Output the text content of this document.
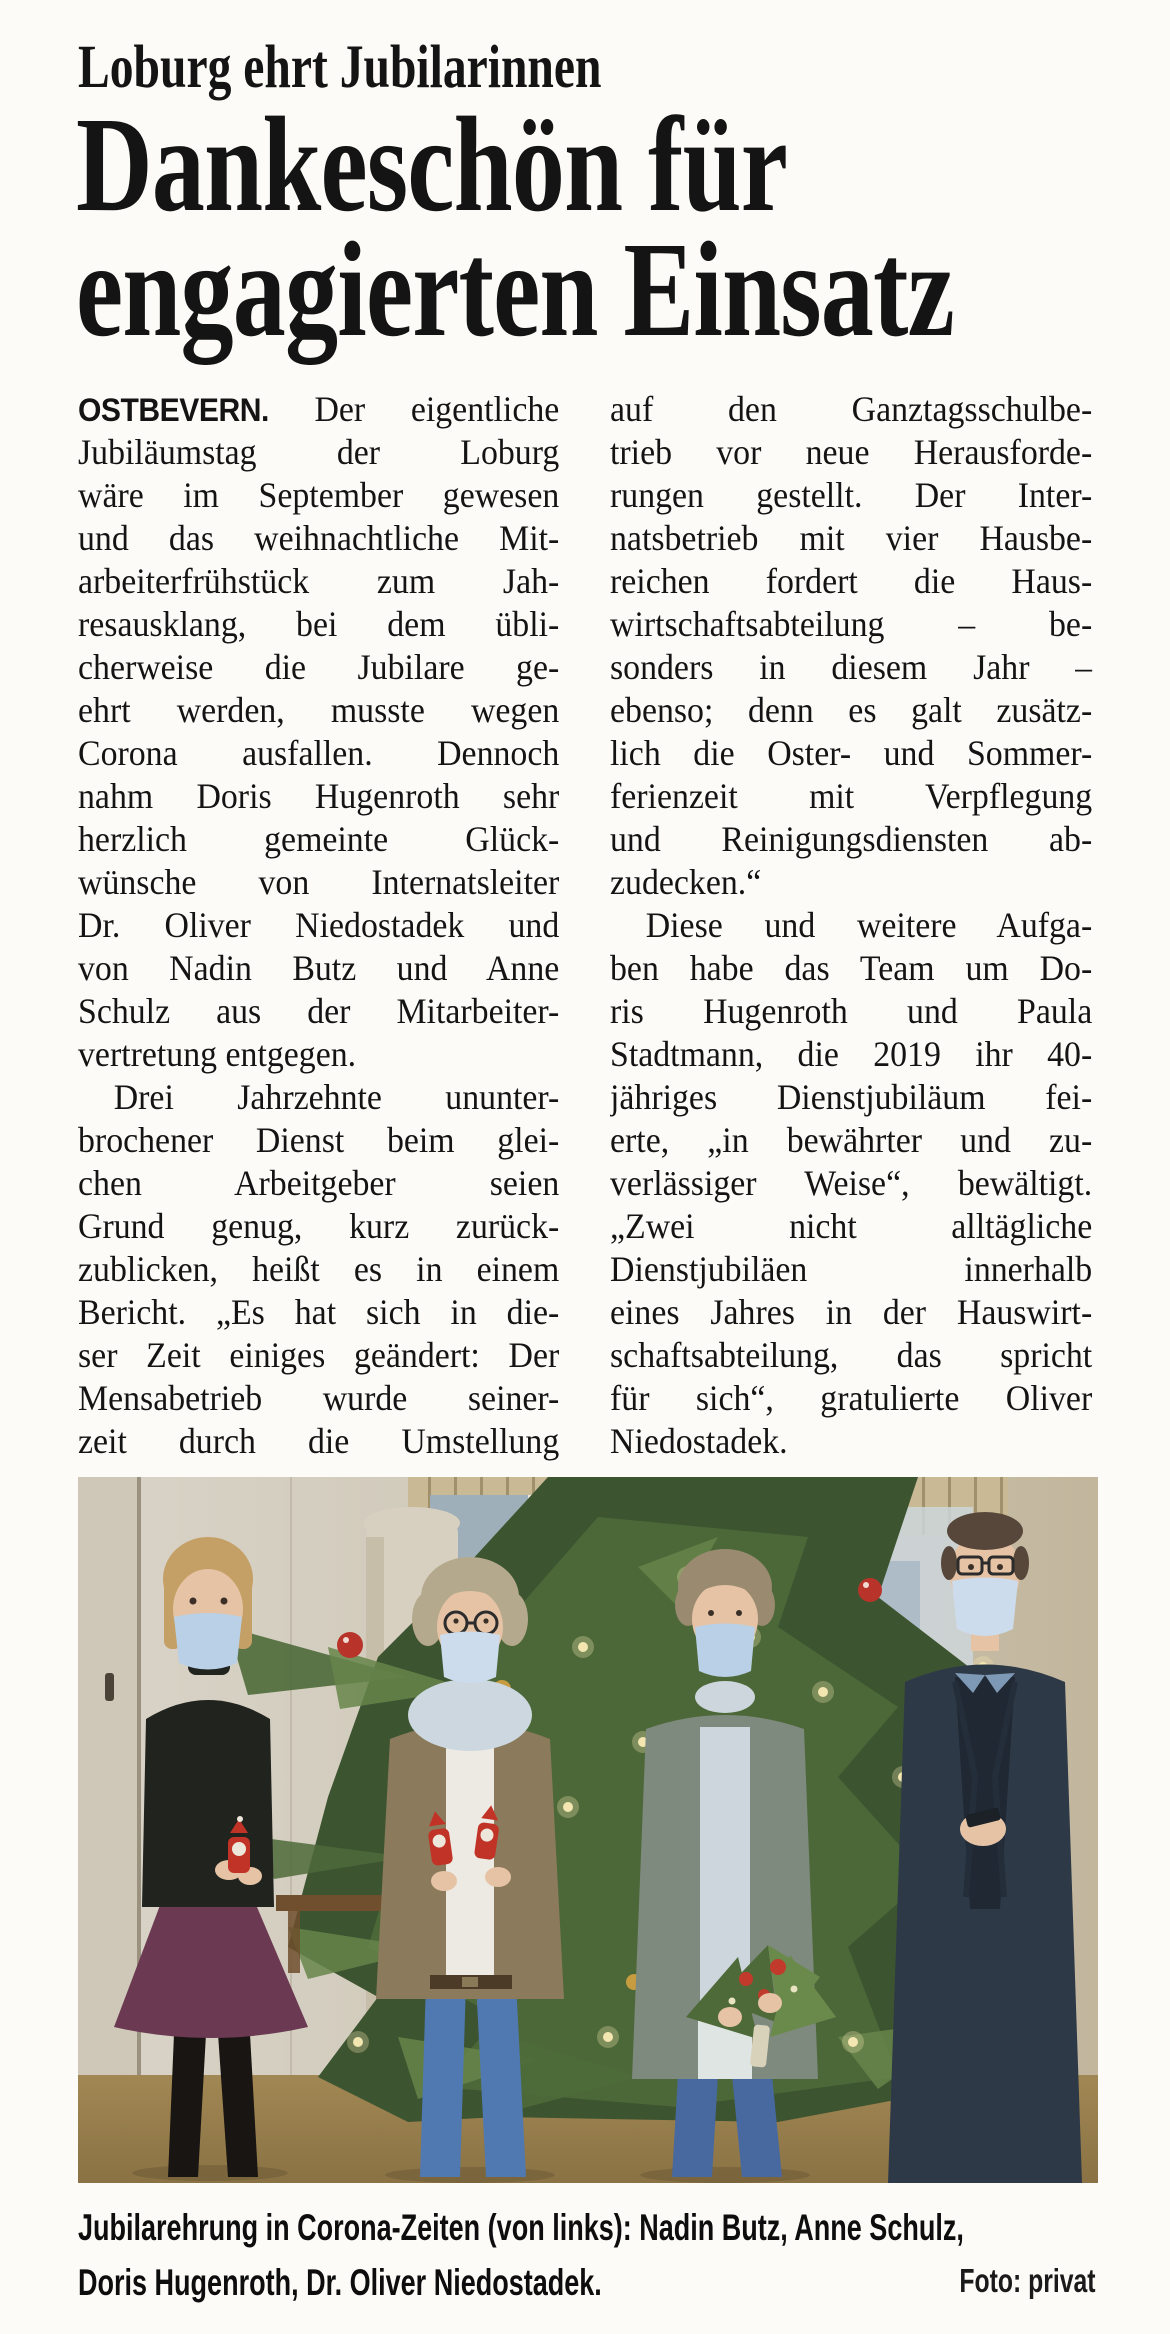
Loburg ehrt Jubilarinnen
Dankeschön für
engagierten Einsatz
OSTBEVERN. Der eigentliche
Jubiläumstag der Loburg
wäre im September gewesen
und das weihnachtliche Mit-
arbeiterfrühstück zum Jah-
resausklang, bei dem übli-
cherweise die Jubilare ge-
ehrt werden, musste wegen
Corona ausfallen. Dennoch
nahm Doris Hugenroth sehr
herzlich gemeinte Glück-
wünsche von Internatsleiter
Dr. Oliver Niedostadek und
von Nadin Butz und Anne
Schulz aus der Mitarbeiter-
vertretung entgegen.
Drei Jahrzehnte ununter-
brochener Dienst beim glei-
chen Arbeitgeber seien
Grund genug, kurz zurück-
zublicken, heißt es in einem
Bericht. „Es hat sich in die-
ser Zeit einiges geändert: Der
Mensabetrieb wurde seiner-
zeit durch die Umstellung
auf den Ganztagsschulbe-
trieb vor neue Herausforde-
rungen gestellt. Der Inter-
natsbetrieb mit vier Hausbe-
reichen fordert die Haus-
wirtschaftsabteilung – be-
sonders in diesem Jahr –
ebenso; denn es galt zusätz-
lich die Oster- und Sommer-
ferienzeit mit Verpflegung
und Reinigungsdiensten ab-
zudecken.“
Diese und weitere Aufga-
ben habe das Team um Do-
ris Hugenroth und Paula
Stadtmann, die 2019 ihr 40-
jähriges Dienstjubiläum fei-
erte, „in bewährter und zu-
verlässiger Weise“, bewältigt.
„Zwei nicht alltägliche
Dienstjubiläen innerhalb
eines Jahres in der Hauswirt-
schaftsabteilung, das spricht
für sich“, gratulierte Oliver
Niedostadek.
Jubilarehrung in Corona-Zeiten (von links): Nadin Butz, Anne Schulz,
Doris Hugenroth, Dr. Oliver Niedostadek.	Foto: privat
